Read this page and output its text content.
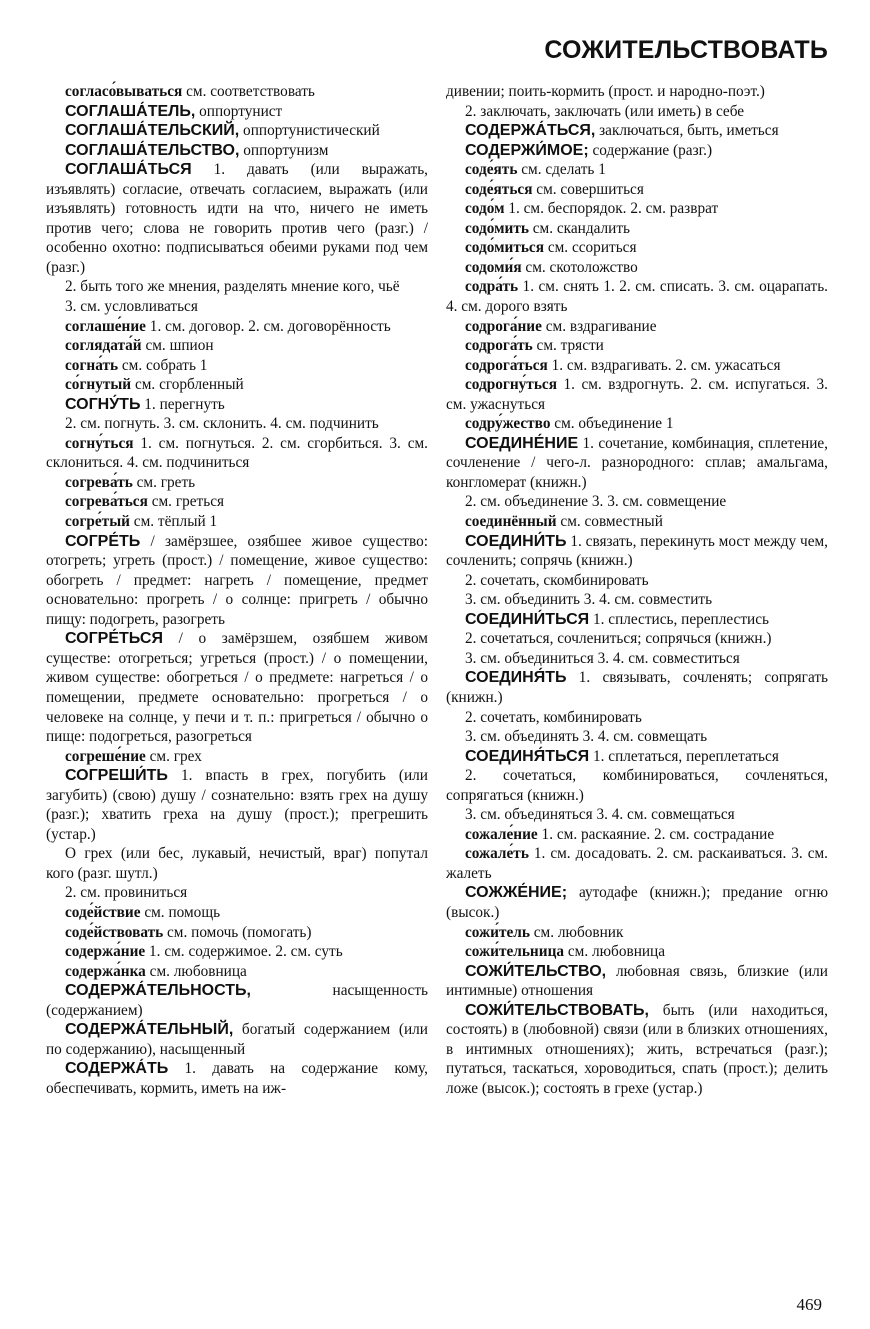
СОЖИТЕЛЬСТВОВАТЬ

согласо́вываться см. соответствовать

СОГЛАША́ТЕЛЬ, оппортунист

СОГЛАША́ТЕЛЬСКИЙ, оппортунистический

СОГЛАША́ТЕЛЬСТВО, оппортунизм

СОГЛАША́ТЬСЯ 1. давать (или выражать, изъявлять) согласие, отвечать согласием, выражать (или изъявлять) готовность идти на что, ничего не иметь против чего; слова не говорить против чего (разг.) / особенно охотно: подписываться обеими руками под чем (разг.)

2. быть того же мнения, разделять мнение кого, чьё

3. см. условливаться

соглаше́ние 1. см. договор. 2. см. договорённость

соглядата́й см. шпион

согна́ть см. собрать 1

со́гнутый см. сгорбленный

СОГНУ́ТЬ 1. перегнуть

2. см. погнуть. 3. см. склонить. 4. см. подчинить

согну́ться 1. см. погнуться. 2. см. сгорбиться. 3. см. склониться. 4. см. подчиниться

согрева́ть см. греть

согрева́ться см. греться

согре́тый см. тёплый 1

СОГРЕ́ТЬ / замёрзшее, озябшее живое существо: отогреть; угреть (прост.) / помещение, живое существо: обогреть / предмет: нагреть / помещение, предмет основательно: прогреть / о солнце: пригреть / обычно пищу: подогреть, разогреть

СОГРЕ́ТЬСЯ / о замёрзшем, озябшем живом существе: отогреться; угреться (прост.) / о помещении, живом существе: обогреться / о предмете: нагреться / о помещении, предмете основательно: прогреться / о человеке на солнце, у печи и т. п.: пригреться / обычно о пище: подогреться, разогреться

согреше́ние см. грех

СОГРЕШИ́ТЬ 1. впасть в грех, погубить (или загубить) (свою) душу / сознательно: взять грех на душу (разг.); хватить греха на душу (прост.); прегрешить (устар.)

О грех (или бес, лукавый, нечистый, враг) попутал кого (разг. шутл.)

2. см. провиниться

соде́йствие см. помощь

соде́йствовать см. помочь (помогать)

содержа́ние 1. см. содержимое. 2. см. суть

содержа́нка см. любовница

СОДЕРЖА́ТЕЛЬНОСТЬ, насыщенность (содержанием)

СОДЕРЖА́ТЕЛЬНЫЙ, богатый содержанием (или по содержанию), насыщенный

СОДЕРЖА́ТЬ 1. давать на содержание кому, обеспечивать, кормить, иметь на иж-

дивении; поить-кормить (прост. и народно-поэт.)

2. заключать, заключать (или иметь) в себе

СОДЕРЖА́ТЬСЯ, заключаться, быть, иметься

СОДЕРЖИ́МОЕ; содержание (разг.)

соде́ять см. сделать 1

соде́яться см. совершиться

содо́м 1. см. беспорядок. 2. см. разврат

содо́мить см. скандалить

содо́миться см. ссориться

содоми́я см. скотоложство

содра́ть 1. см. снять 1. 2. см. списать. 3. см. оцарапать. 4. см. дорого взять

содрога́ние см. вздрагивание

содрога́ть см. трясти

содрога́ться 1. см. вздрагивать. 2. см. ужасаться

содрогну́ться 1. см. вздрогнуть. 2. см. испугаться. 3. см. ужаснуться

содру́жество см. объединение 1

СОЕДИНЕ́НИЕ 1. сочетание, комбинация, сплетение, сочленение / чего-л. разнородного: сплав; амальгама, конгломерат (книжн.)

2. см. объединение 3. 3. см. совмещение

соединённый см. совместный

СОЕДИНИ́ТЬ 1. связать, перекинуть мост между чем, сочленить; сопрячь (книжн.)

2. сочетать, скомбинировать

3. см. объединить 3. 4. см. совместить

СОЕДИНИ́ТЬСЯ 1. сплестись, переплестись

2. сочетаться, сочлениться; сопрячься (книжн.)

3. см. объединиться 3. 4. см. совместиться

СОЕДИНЯ́ТЬ 1. связывать, сочленять; сопрягать (книжн.)

2. сочетать, комбинировать

3. см. объединять 3. 4. см. совмещать

СОЕДИНЯ́ТЬСЯ 1. сплетаться, переплетаться

2. сочетаться, комбинироваться, сочленяться, сопрягаться (книжн.)

3. см. объединяться 3. 4. см. совмещаться

сожале́ние 1. см. раскаяние. 2. см. сострадание

сожале́ть 1. см. досадовать. 2. см. раскаиваться. 3. см. жалеть

СОЖЖЕ́НИЕ; аутодафе (книжн.); предание огню (высок.)

сожи́тель см. любовник

сожи́тельница см. любовница

СОЖИ́ТЕЛЬСТВО, любовная связь, близкие (или интимные) отношения

СОЖИ́ТЕЛЬСТВОВАТЬ, быть (или находиться, состоять) в (любовной) связи (или в близких отношениях, в интимных отношениях); жить, встречаться (разг.); путаться, таскаться, хороводиться, спать (прост.); делить ложе (высок.); состоять в грехе (устар.)

469
